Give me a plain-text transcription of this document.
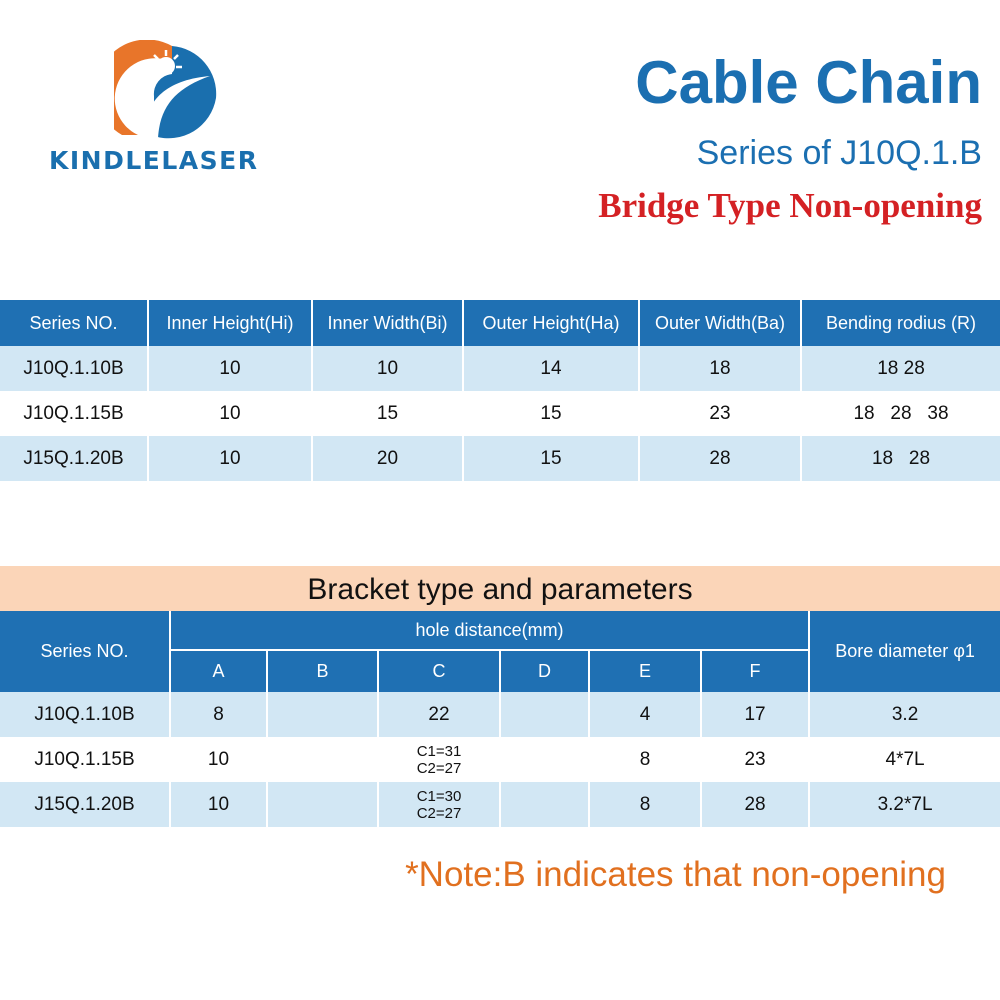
KINDLELASER
Cable Chain
Series of J10Q.1.B
Bridge Type Non-opening
Series NO.	Inner Height(Hi)	Inner Width(Bi)	Outer Height(Ha)	Outer Width(Ba)	Bending rodius (R)
J10Q.1.10B	10	10	14	18	18 28
J10Q.1.15B	10	15	15	23	18   28   38
J15Q.1.20B	10	20	15	28	18   28
Bracket type and parameters
Series NO.	hole distance(mm)						Bore diameter φ1
	A	B	C	D	E	F	
J10Q.1.10B	8		22		4	17	3.2
J10Q.1.15B	10		C1=31
C2=27		8	23	4*7L
J15Q.1.20B	10		C1=30
C2=27		8	28	3.2*7L
*Note:B indicates that non-opening
